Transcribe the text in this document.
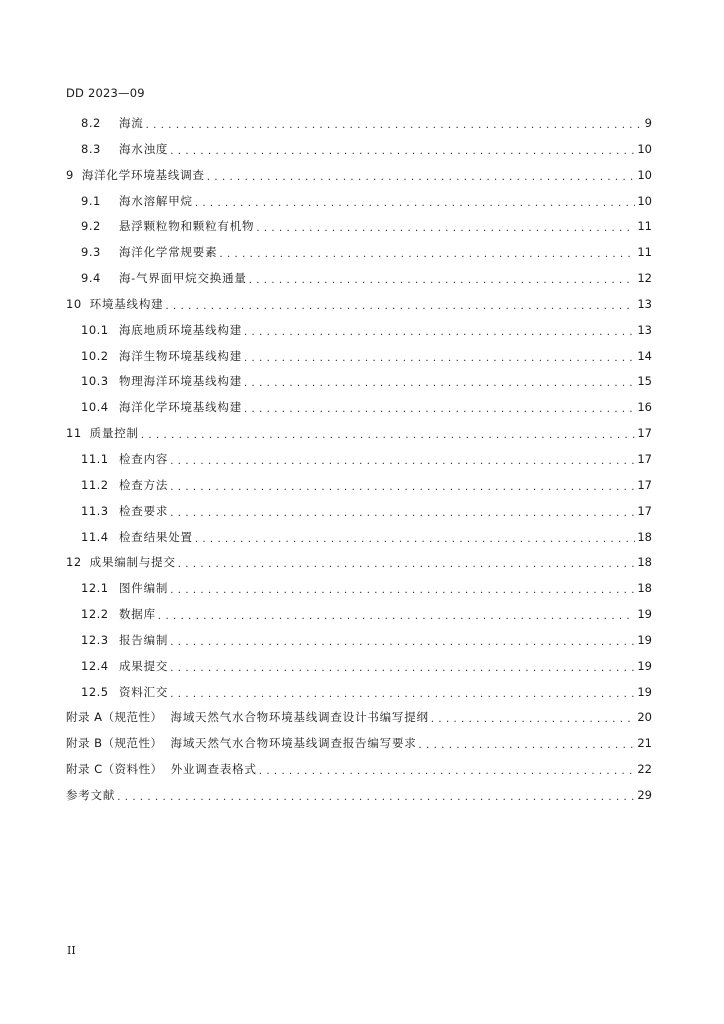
DD 2023—09
8.2	海流 . . .	9
8.3	海水浊度 . . .	10
9 海洋化学环境基线调查 . . .	10
9.1	海水溶解甲烷 . . .	10
9.2	悬浮颗粒物和颗粒有机物 . . .	11
9.3	海洋化学常规要素 . . .	11
9.4	海-气界面甲烷交换通量 . . .	12
10 环境基线构建 . . .	13
10.1 海底地质环境基线构建 . . .	13
10.2 海洋生物环境基线构建 . . .	14
10.3 物理海洋环境基线构建 . . .	15
10.4 海洋化学环境基线构建 . . .	16
11 质量控制 . . .	17
11.1 检查内容 . . .	17
11.2 检查方法 . . .	17
11.3 检查要求 . . .	17
11.4 检查结果处置 . . .	18
12 成果编制与提交 . . .	18
12.1 图件编制 . . .	18
12.2 数据库 . . .	19
12.3 报告编制 . . .	19
12.4 成果提交 . . .	19
12.5 资料汇交 . . .	19
附录 A（规范性） 海域天然气水合物环境基线调查设计书编写提纲 . . .	20
附录 B（规范性） 海域天然气水合物环境基线调查报告编写要求 . . .	21
附录 C（资料性） 外业调查表格式 . . .	22
参考文献 . . .	29
II
